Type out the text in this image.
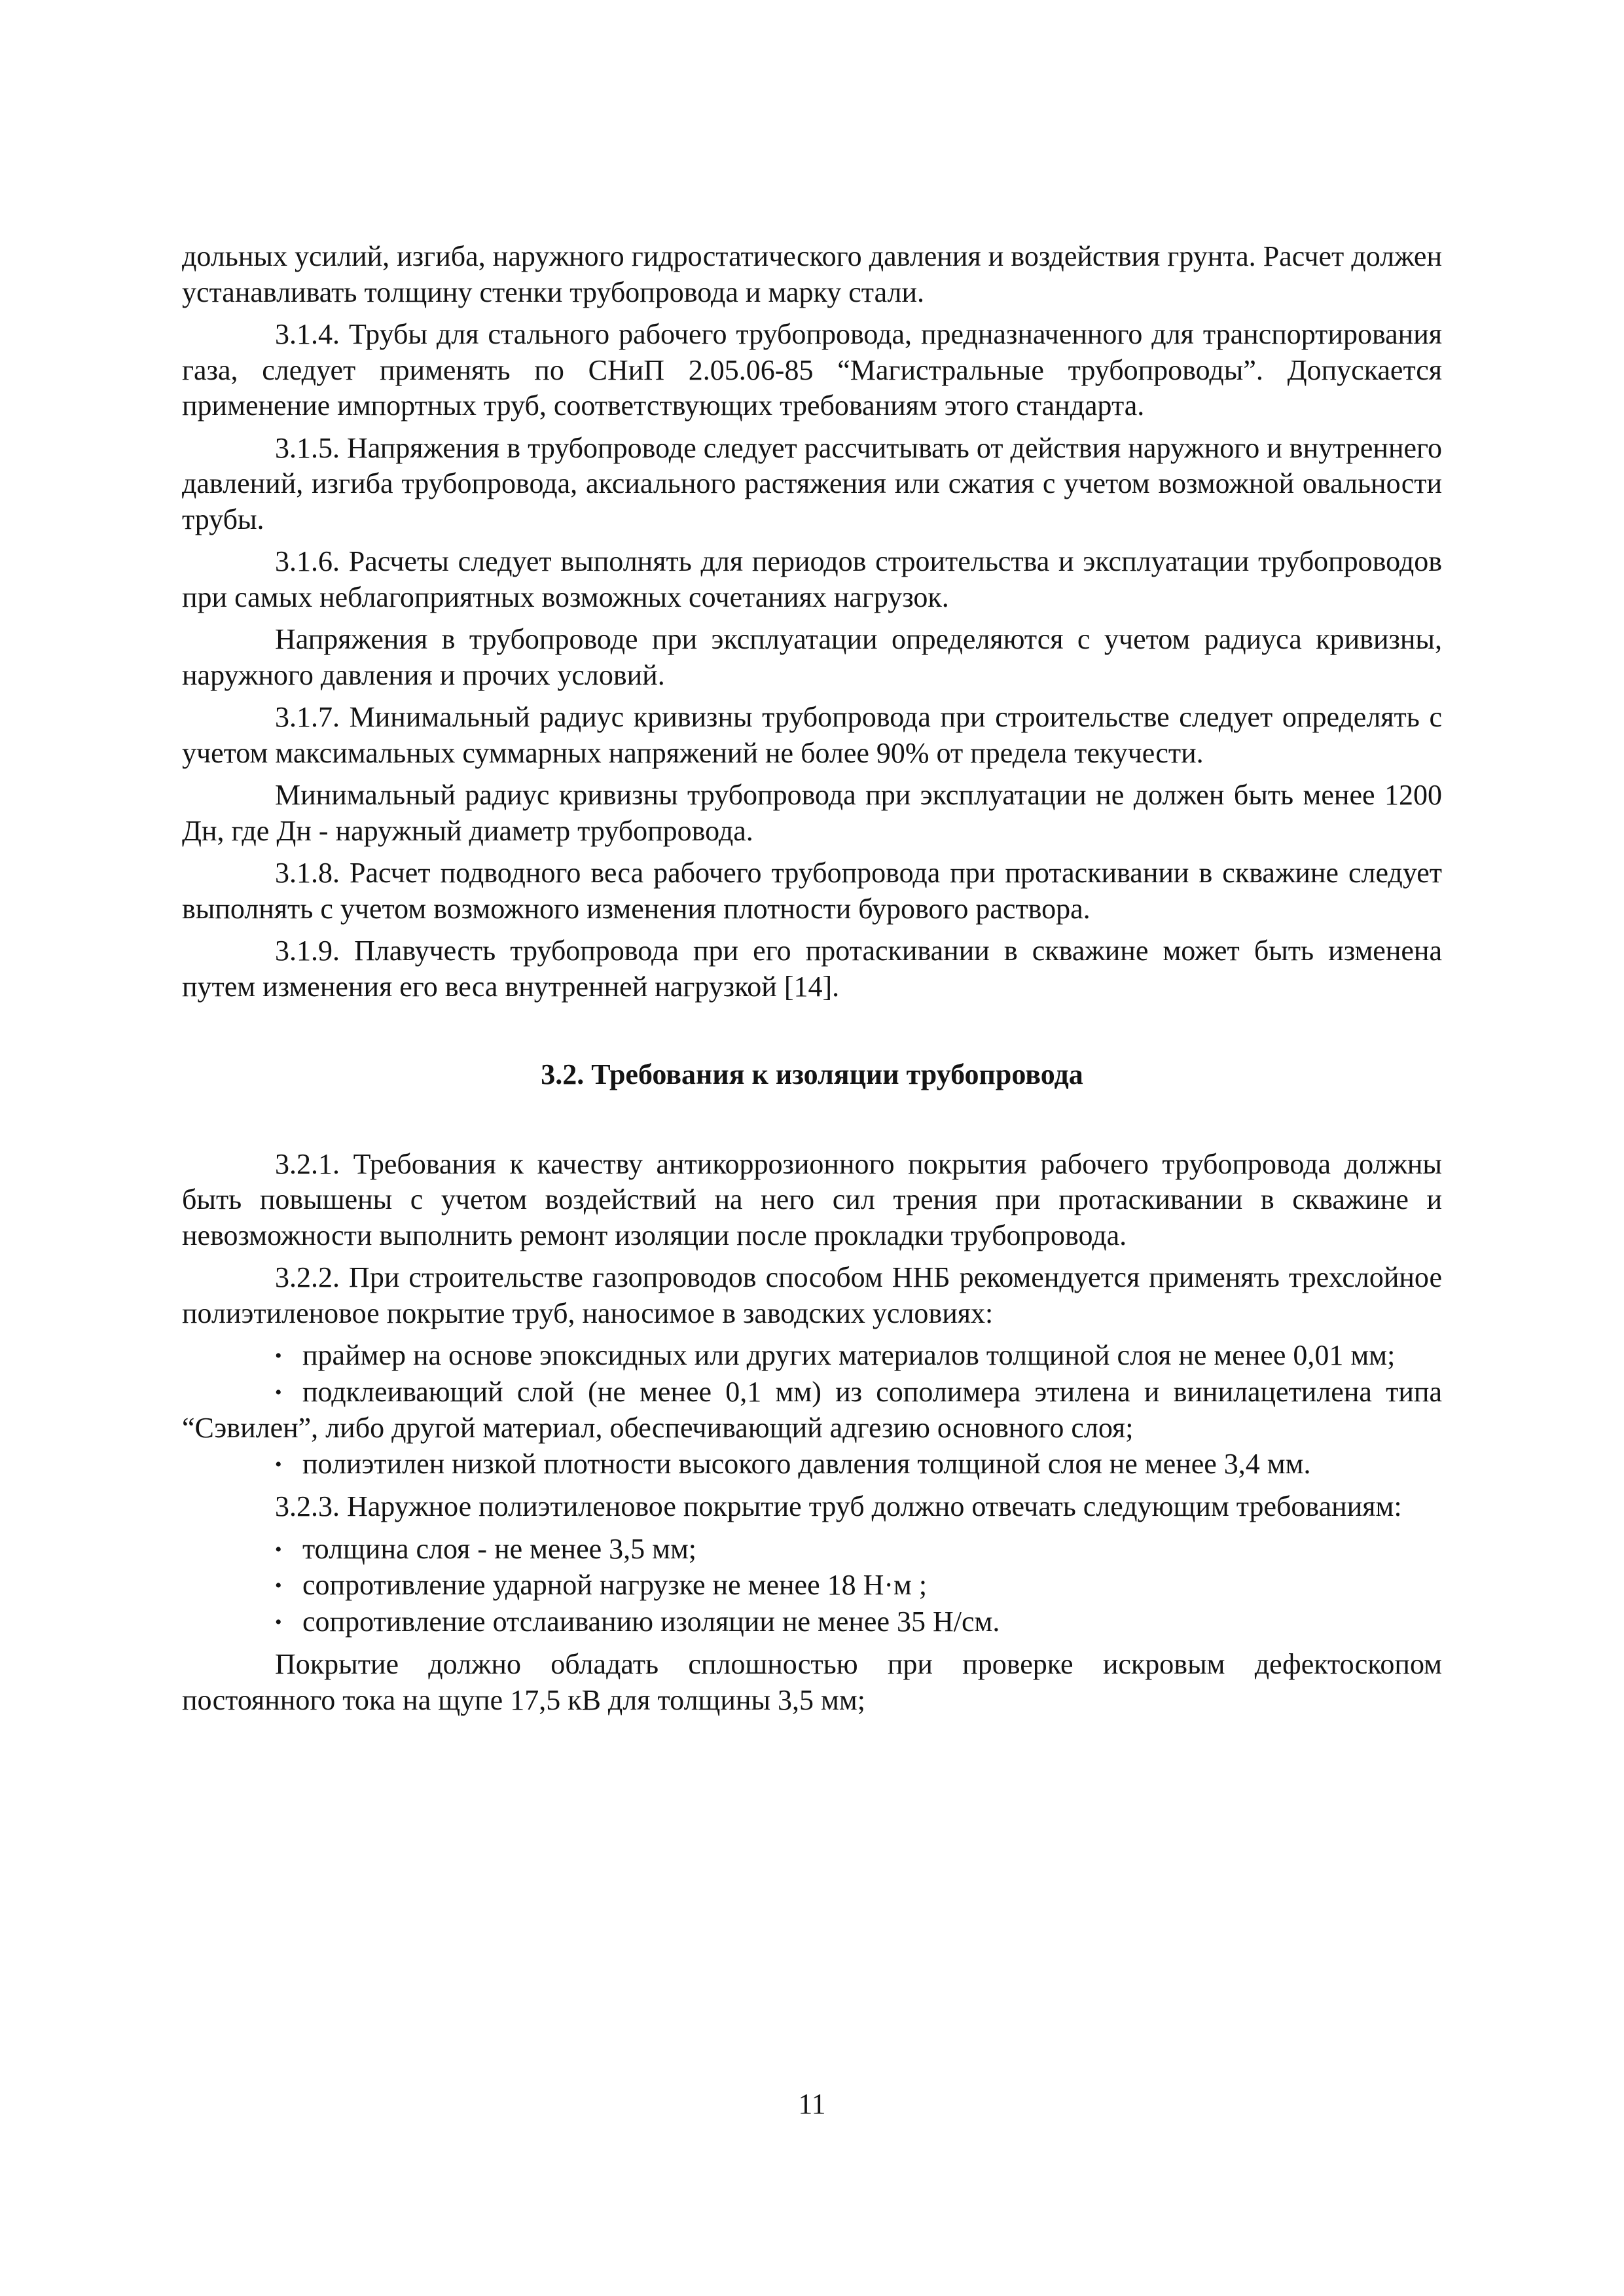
дольных усилий, изгиба, наружного гидростатического давления и воздействия грунта. Расчет должен устанавливать толщину стенки трубопровода и марку стали.

3.1.4. Трубы для стального рабочего трубопровода, предназначенного для транспортирования газа, следует применять по СНиП 2.05.06-85 “Магистральные трубопроводы”. Допускается применение импортных труб, соответствующих требованиям этого стандарта.

3.1.5. Напряжения в трубопроводе следует рассчитывать от действия наружного и внутреннего давлений, изгиба трубопровода, аксиального растяжения или сжатия с учетом возможной овальности трубы.

3.1.6. Расчеты следует выполнять для периодов строительства и эксплуатации трубопроводов при самых неблагоприятных возможных сочетаниях нагрузок.

Напряжения в трубопроводе при эксплуатации определяются с учетом радиуса кривизны, наружного давления и прочих условий.

3.1.7. Минимальный радиус кривизны трубопровода при строительстве следует определять с учетом максимальных суммарных напряжений не более 90% от предела текучести.

Минимальный радиус кривизны трубопровода при эксплуатации не должен быть менее 1200 Дн, где Дн - наружный диаметр трубопровода.

3.1.8. Расчет подводного веса рабочего трубопровода при протаскивании в скважине следует выполнять с учетом возможного изменения плотности бурового раствора.

3.1.9. Плавучесть трубопровода при его протаскивании в скважине может быть изменена путем изменения его веса внутренней нагрузкой [14].

3.2. Требования к изоляции трубопровода

3.2.1. Требования к качеству антикоррозионного покрытия рабочего трубопровода должны быть повышены с учетом воздействий на него сил трения при протаскивании в скважине и невозможности выполнить ремонт изоляции после прокладки трубопровода.

3.2.2. При строительстве газопроводов способом ННБ рекомендуется применять трехслойное полиэтиленовое покрытие труб, наносимое в заводских условиях:

• праймер на основе эпоксидных или других материалов толщиной слоя не менее 0,01 мм;
• подклеивающий слой (не менее 0,1 мм) из сополимера этилена и винилацетилена типа “Сэвилен”, либо другой материал, обеспечивающий адгезию основного слоя;
• полиэтилен низкой плотности высокого давления толщиной слоя не менее 3,4 мм.

3.2.3. Наружное полиэтиленовое покрытие труб должно отвечать следующим требованиям:

• толщина слоя - не менее 3,5 мм;
• сопротивление ударной нагрузке не менее 18 Н·м ;
• сопротивление отслаиванию изоляции не менее 35 Н/см.

Покрытие должно обладать сплошностью при проверке искровым дефектоскопом постоянного тока на щупе 17,5 кВ для толщины 3,5 мм;

11
